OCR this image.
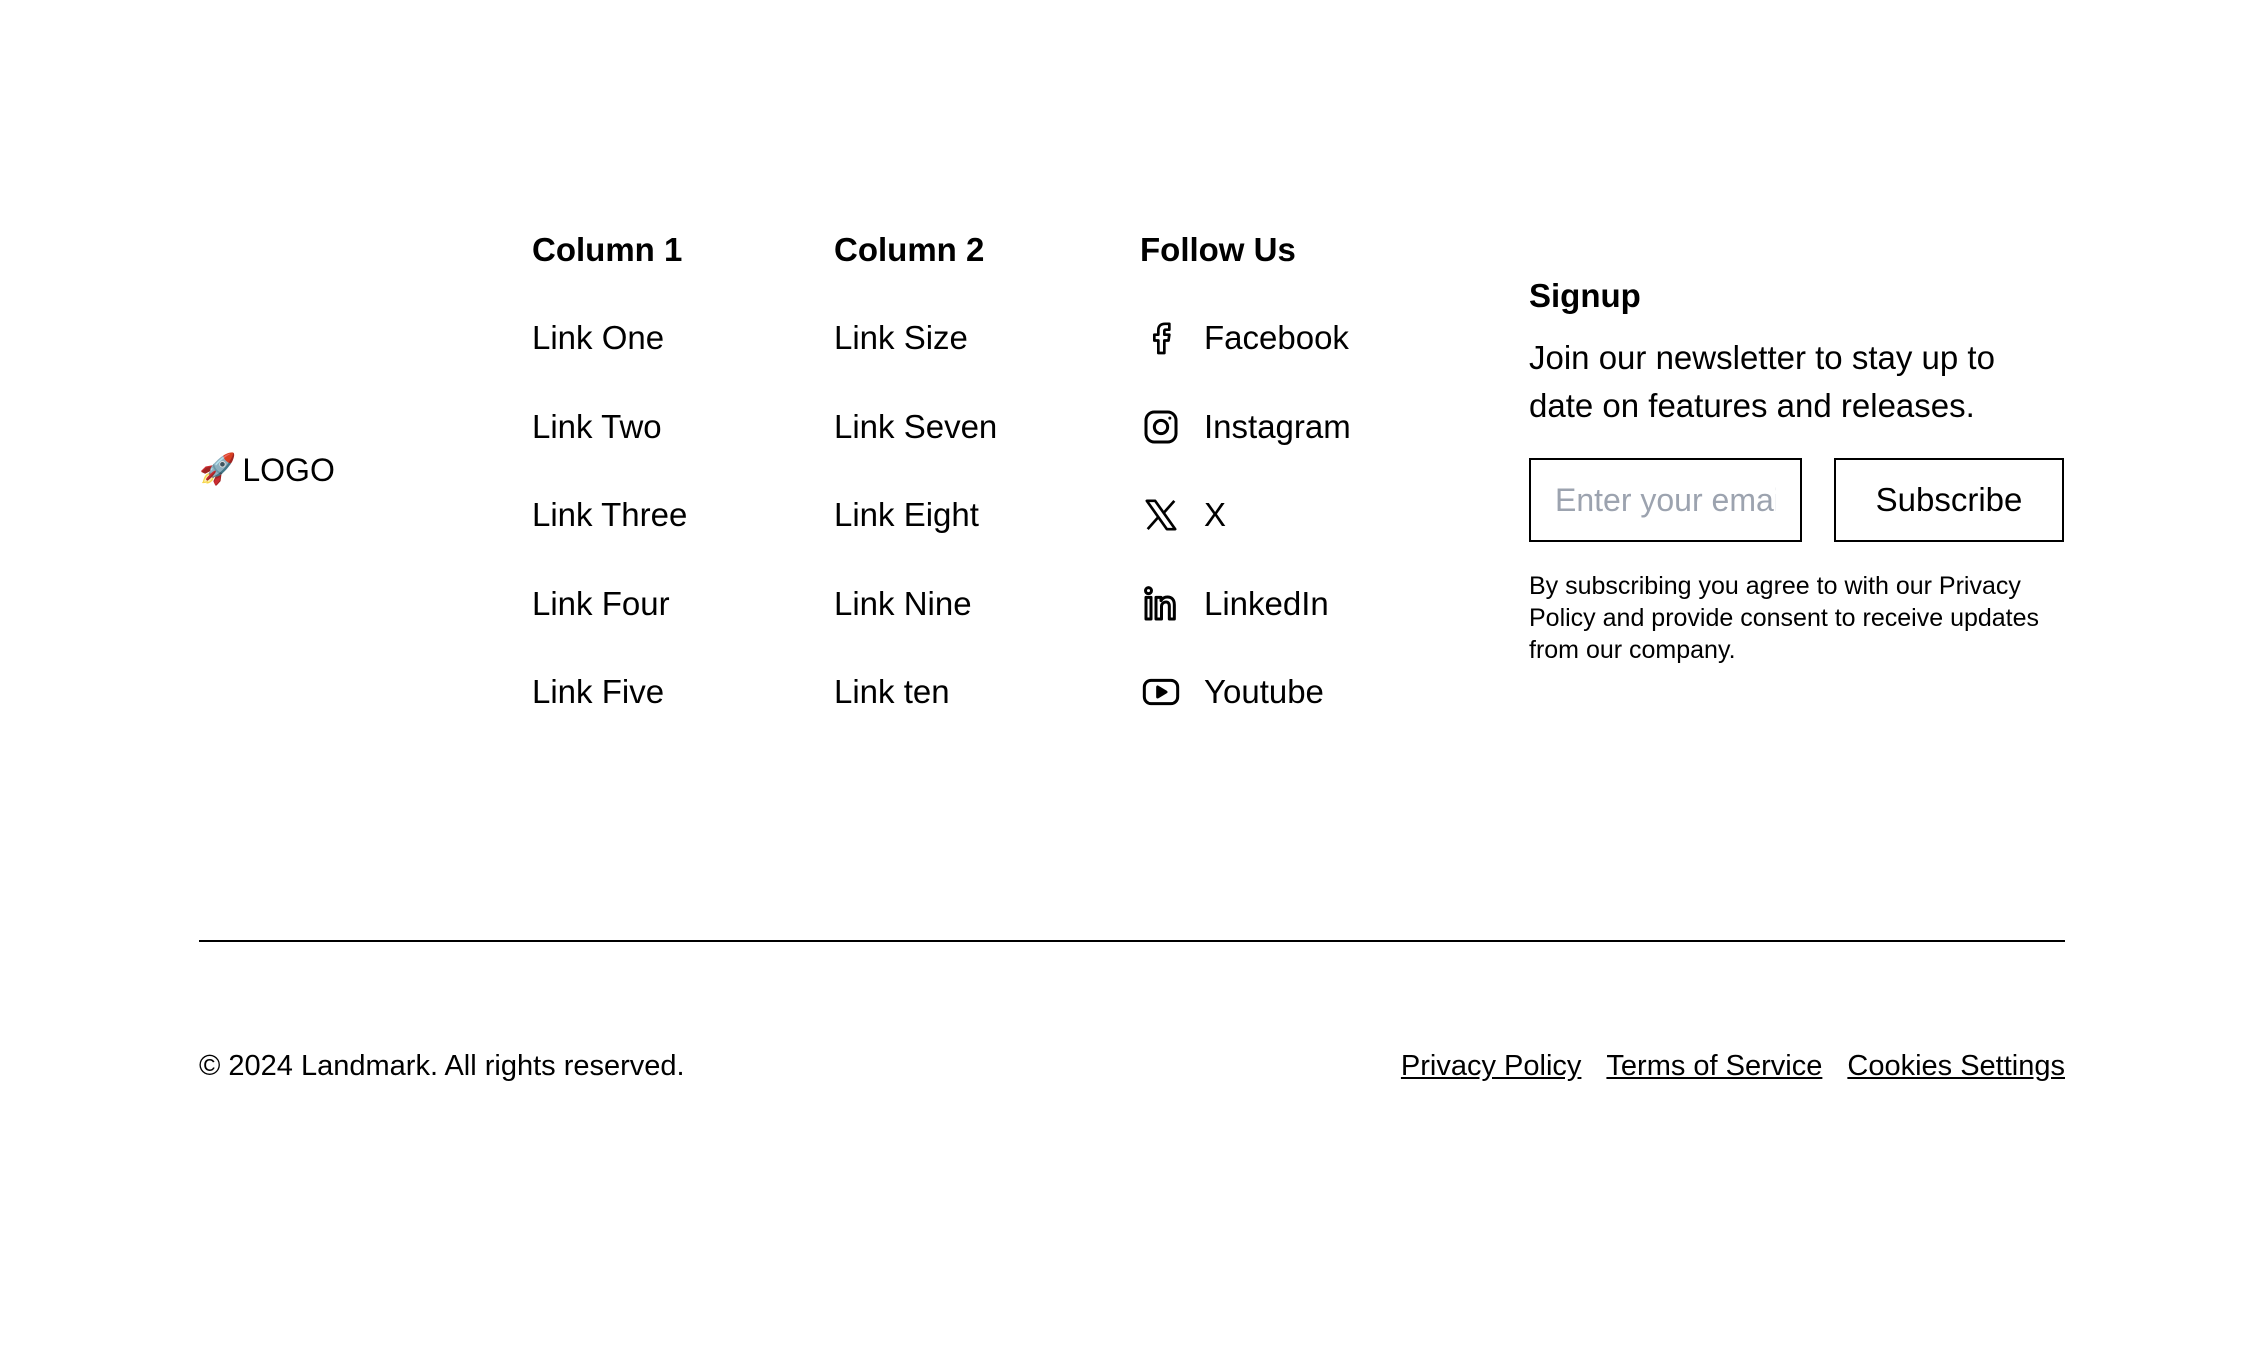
🚀 LOGO
Column 1
Link One
Link Two
Link Three
Link Four
Link Five
Column 2
Link Size
Link Seven
Link Eight
Link Nine
Link ten
Follow Us
Facebook
Instagram
X
LinkedIn
Youtube
Signup

Join our newsletter to stay up to date on features and releases.

Enter your email
Subscribe

By subscribing you agree to with our Privacy Policy and provide consent to receive updates from our company.

© 2024 Landmark. All rights reserved.	Privacy Policy Terms of Service Cookies Settings
